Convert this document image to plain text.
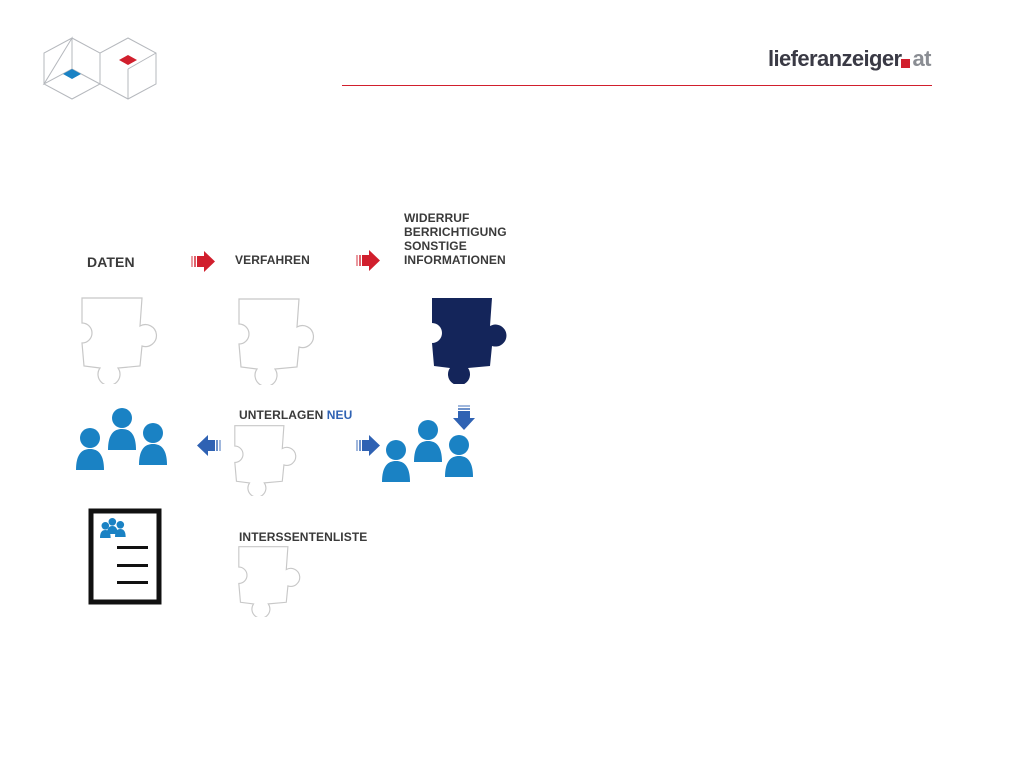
lieferanzeiger at
DATEN	VERFAHREN
WIDERRUF
BERRICHTIGUNG
SONSTIGE
INFORMATIONEN
UNTERLAGEN NEU
INTERSSENTENLISTE
